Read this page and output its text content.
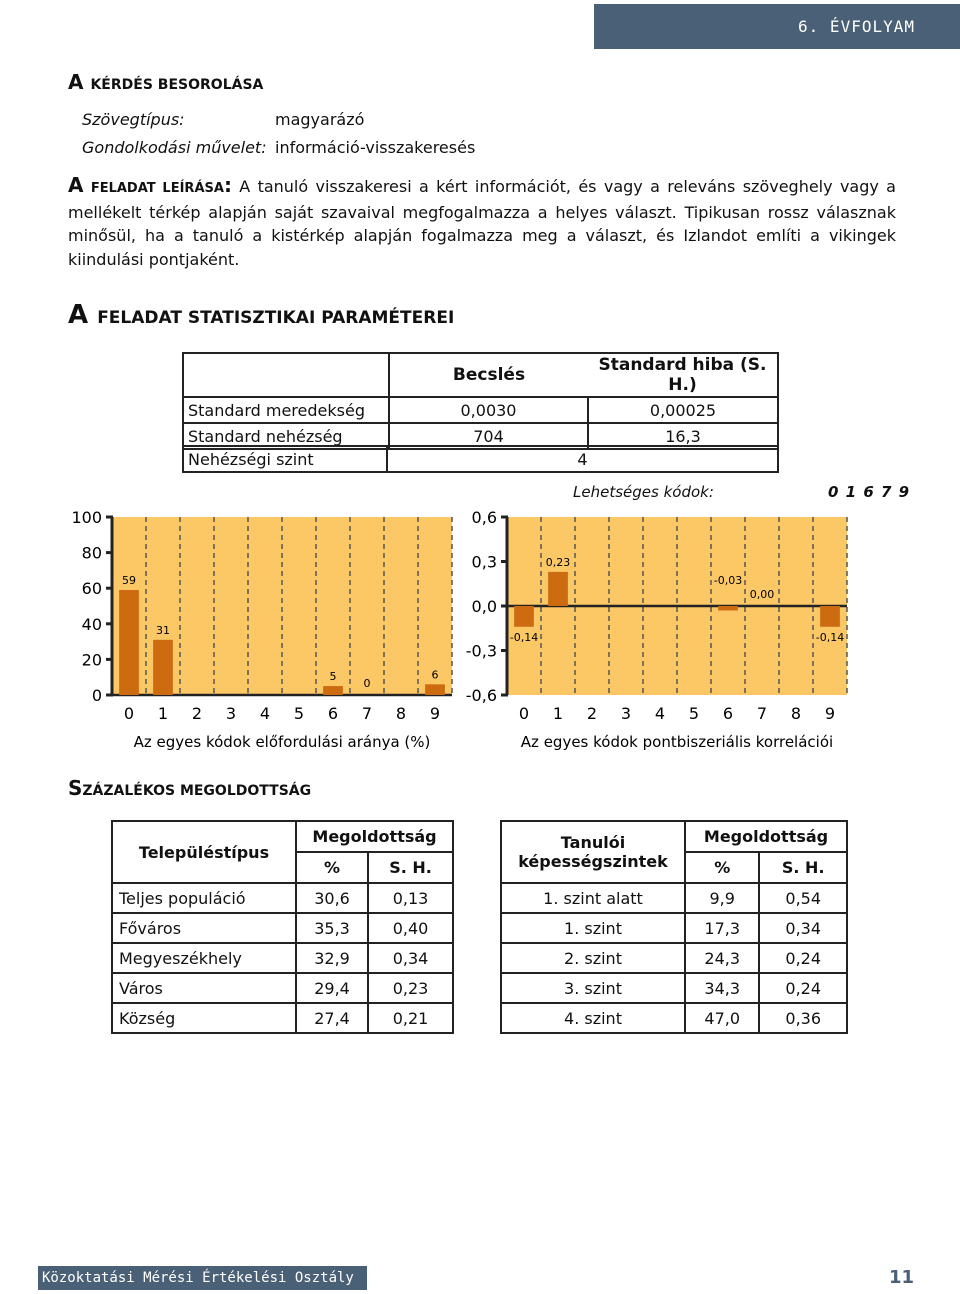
6. ÉVFOLYAM
A KÉRDÉS BESOROLÁSA
Szövegtípus:	magyarázó
Gondolkodási művelet: információ-visszakeresés
A FELADAT LEÍRÁSA: A tanuló visszakeresi a kért információt, és vagy a releváns szöveghely vagy a mellékelt térkép alapján saját szavaival megfogalmazza a helyes választ. Tipikusan rossz válasznak minősül, ha a tanuló a kistérkép alapján fogalmazza meg a választ, és Izlandot említi a vikingek kiindulási pontjaként.
A FELADAT STATISZTIKAI PARAMÉTEREI
	Becslés	Standard hiba (S. H.)
Standard meredekség	0,0030	0,00025
Standard nehézség	704	16,3
Nehézségi szint	4
Lehetséges kódok:	0 1 6 7 9
0
20
40
60
80
100
59
31
5
0
6
0 1 2 3 4 5 6 7 8 9
Az egyes kódok előfordulási aránya (%)
-0,6
-0,3
0,0
0,3
0,6
-0,14
0,23
-0,03
0,00
-0,14
0 1 2 3 4 5 6 7 8 9
Az egyes kódok pontbiszeriális korrelációi
SZÁZALÉKOS MEGOLDOTTSÁG
Településtípus	Megoldottság	
	%	S. H.
Teljes populáció	30,6	0,13
Főváros	35,3	0,40
Megyeszékhely	32,9	0,34
Város	29,4	0,23
Község	27,4	0,21
Tanulói
képességszintek	Megoldottság	
	%	S. H.
1. szint alatt	9,9	0,54
1. szint	17,3	0,34
2. szint	24,3	0,24
3. szint	34,3	0,24
4. szint	47,0	0,36
Közoktatási Mérési Értékelési Osztály	11
